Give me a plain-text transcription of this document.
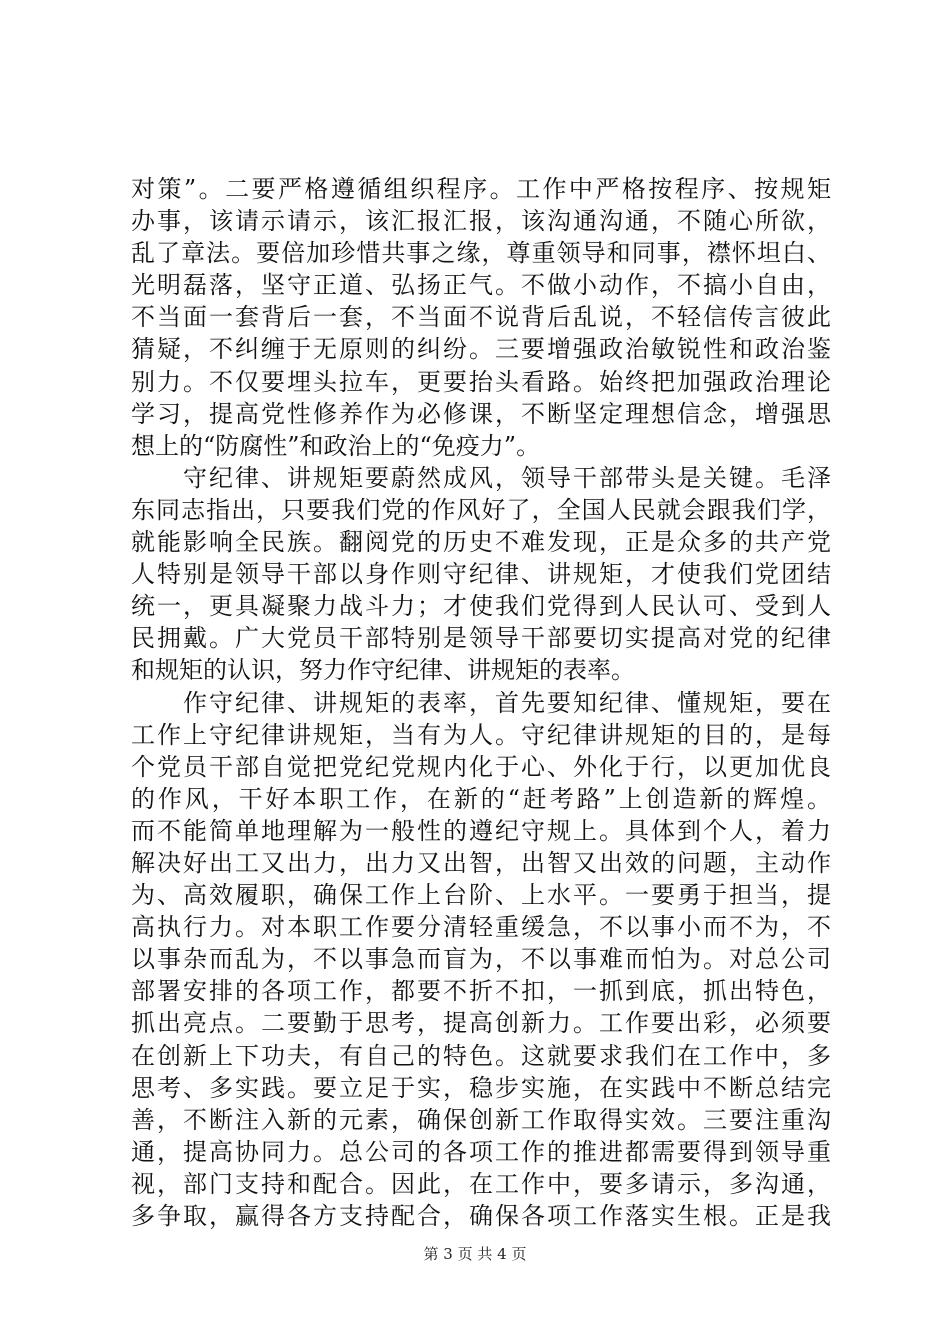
对策”。二要严格遵循组织程序。工作中严格按程序、按规矩
办事，该请示请示，该汇报汇报，该沟通沟通，不随心所欲，
乱了章法。要倍加珍惜共事之缘，尊重领导和同事，襟怀坦白、
光明磊落，坚守正道、弘扬正气。不做小动作，不搞小自由，
不当面一套背后一套，不当面不说背后乱说，不轻信传言彼此
猜疑，不纠缠于无原则的纠纷。三要增强政治敏锐性和政治鉴
别力。不仅要埋头拉车，更要抬头看路。始终把加强政治理论
学习，提高党性修养作为必修课，不断坚定理想信念，增强思
想上的“防腐性”和政治上的“免疫力”。
　　守纪律、讲规矩要蔚然成风，领导干部带头是关键。毛泽
东同志指出，只要我们党的作风好了，全国人民就会跟我们学，
就能影响全民族。翻阅党的历史不难发现，正是众多的共产党
人特别是领导干部以身作则守纪律、讲规矩，才使我们党团结
统一，更具凝聚力战斗力；才使我们党得到人民认可、受到人
民拥戴。广大党员干部特别是领导干部要切实提高对党的纪律
和规矩的认识，努力作守纪律、讲规矩的表率。
　　作守纪律、讲规矩的表率，首先要知纪律、懂规矩，要在
工作上守纪律讲规矩，当有为人。守纪律讲规矩的目的，是每
个党员干部自觉把党纪党规内化于心、外化于行，以更加优良
的作风，干好本职工作，在新的“赶考路”上创造新的辉煌。
而不能简单地理解为一般性的遵纪守规上。具体到个人，着力
解决好出工又出力，出力又出智，出智又出效的问题，主动作
为、高效履职，确保工作上台阶、上水平。一要勇于担当，提
高执行力。对本职工作要分清轻重缓急，不以事小而不为，不
以事杂而乱为，不以事急而盲为，不以事难而怕为。对总公司
部署安排的各项工作，都要不折不扣，一抓到底，抓出特色，
抓出亮点。二要勤于思考，提高创新力。工作要出彩，必须要
在创新上下功夫，有自己的特色。这就要求我们在工作中，多
思考、多实践。要立足于实，稳步实施，在实践中不断总结完
善，不断注入新的元素，确保创新工作取得实效。三要注重沟
通，提高协同力。总公司的各项工作的推进都需要得到领导重
视，部门支持和配合。因此，在工作中，要多请示，多沟通，
多争取，赢得各方支持配合，确保各项工作落实生根。正是我
第 3 页 共 4 页
